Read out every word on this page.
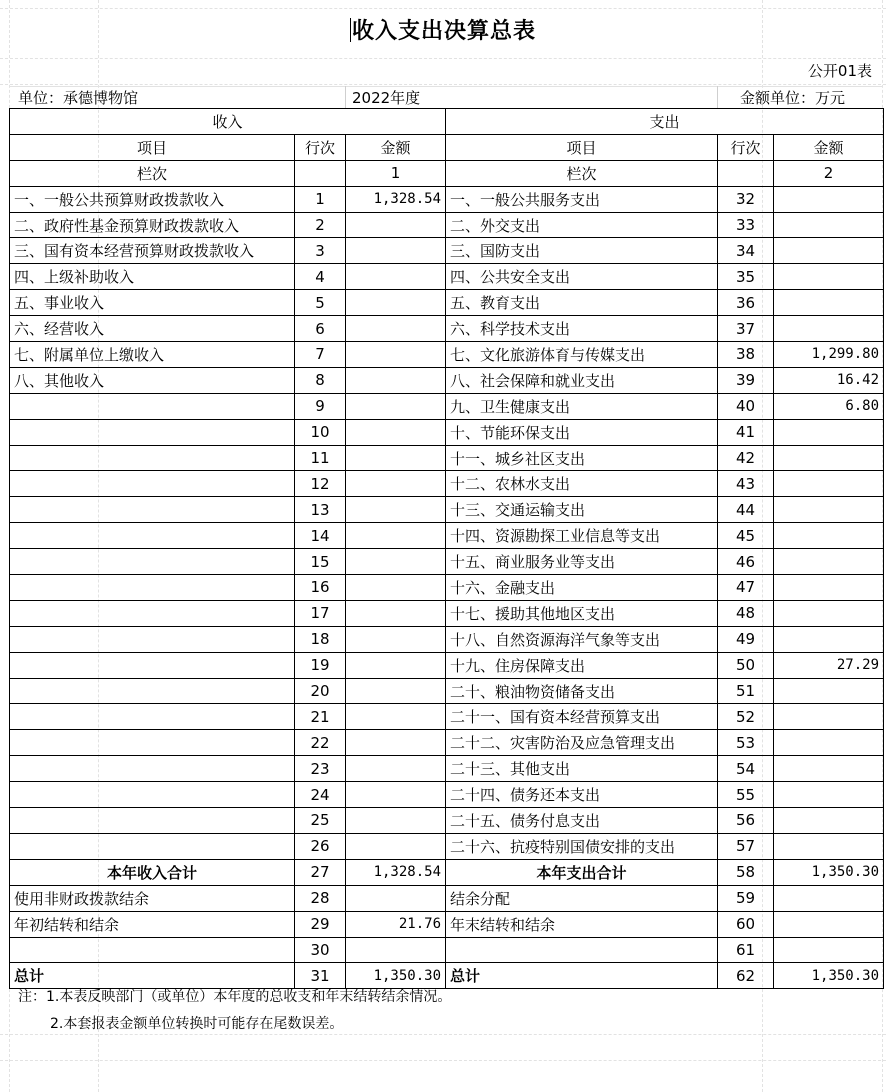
收入支出决算总表
公开01表
单位：承德博物馆	2022年度	金额单位：万元
收入			支出		
项目	行次	金额	项目	行次	金额
栏次		1	栏次		2
一、一般公共预算财政拨款收入	1	1,328.54	一、一般公共服务支出	32	
二、政府性基金预算财政拨款收入	2		二、外交支出	33	
三、国有资本经营预算财政拨款收入	3		三、国防支出	34	
四、上级补助收入	4		四、公共安全支出	35	
五、事业收入	5		五、教育支出	36	
六、经营收入	6		六、科学技术支出	37	
七、附属单位上缴收入	7		七、文化旅游体育与传媒支出	38	1,299.80
八、其他收入	8		八、社会保障和就业支出	39	16.42
	9		九、卫生健康支出	40	6.80
	10		十、节能环保支出	41	
	11		十一、城乡社区支出	42	
	12		十二、农林水支出	43	
	13		十三、交通运输支出	44	
	14		十四、资源勘探工业信息等支出	45	
	15		十五、商业服务业等支出	46	
	16		十六、金融支出	47	
	17		十七、援助其他地区支出	48	
	18		十八、自然资源海洋气象等支出	49	
	19		十九、住房保障支出	50	27.29
	20		二十、粮油物资储备支出	51	
	21		二十一、国有资本经营预算支出	52	
	22		二十二、灾害防治及应急管理支出	53	
	23		二十三、其他支出	54	
	24		二十四、债务还本支出	55	
	25		二十五、债务付息支出	56	
	26		二十六、抗疫特别国债安排的支出	57	
本年收入合计	27	1,328.54	本年支出合计	58	1,350.30
使用非财政拨款结余	28		结余分配	59	
年初结转和结余	29	21.76	年末结转和结余	60	
	30			61	
总计	31	1,350.30	总计	62	1,350.30
注：1.本表反映部门（或单位）本年度的总收支和年末结转结余情况。
2.本套报表金额单位转换时可能存在尾数误差。
